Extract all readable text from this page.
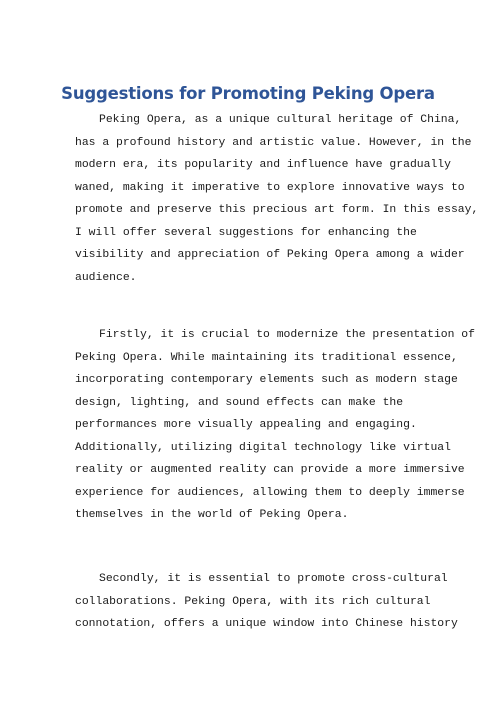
Suggestions for Promoting Peking Opera

Peking Opera, as a unique cultural heritage of China,
has a profound history and artistic value. However, in the
modern era, its popularity and influence have gradually
waned, making it imperative to explore innovative ways to
promote and preserve this precious art form. In this essay,
I will offer several suggestions for enhancing the
visibility and appreciation of Peking Opera among a wider
audience.

Firstly, it is crucial to modernize the presentation of
Peking Opera. While maintaining its traditional essence,
incorporating contemporary elements such as modern stage
design, lighting, and sound effects can make the
performances more visually appealing and engaging.
Additionally, utilizing digital technology like virtual
reality or augmented reality can provide a more immersive
experience for audiences, allowing them to deeply immerse
themselves in the world of Peking Opera.

Secondly, it is essential to promote cross-cultural
collaborations. Peking Opera, with its rich cultural
connotation, offers a unique window into Chinese history
